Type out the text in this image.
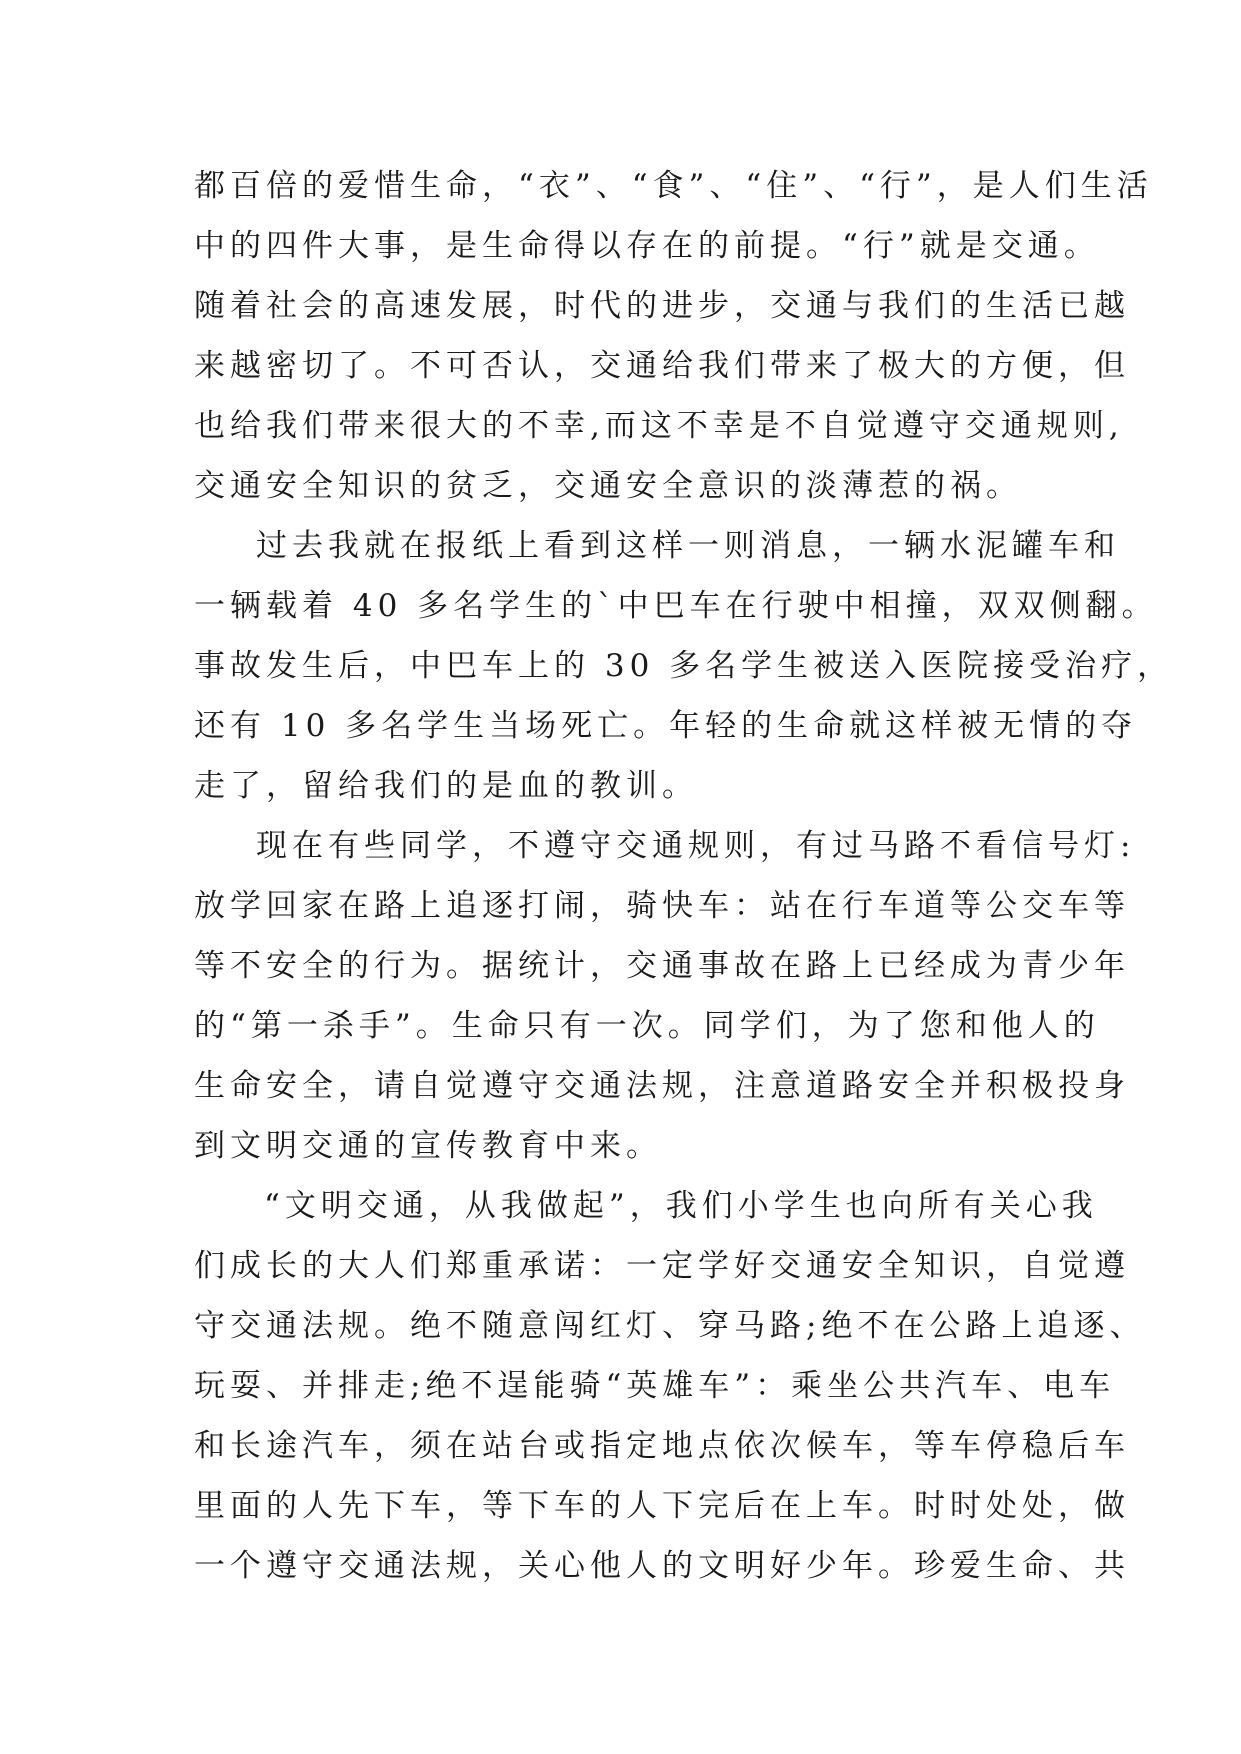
都百倍的爱惜生命，“衣”、“食”、“住”、“行”，是人们生活
中的四件大事，是生命得以存在的前提。“行”就是交通。
随着社会的高速发展，时代的进步，交通与我们的生活已越
来越密切了。不可否认，交通给我们带来了极大的方便，但
也给我们带来很大的不幸,而这不幸是不自觉遵守交通规则,
交通安全知识的贫乏，交通安全意识的淡薄惹的祸。
过去我就在报纸上看到这样一则消息，一辆水泥罐车和
一辆载着 40 多名学生的`中巴车在行驶中相撞，双双侧翻。
事故发生后，中巴车上的 30 多名学生被送入医院接受治疗，
还有 10 多名学生当场死亡。年轻的生命就这样被无情的夺
走了，留给我们的是血的教训。
现在有些同学，不遵守交通规则，有过马路不看信号灯:
放学回家在路上追逐打闹，骑快车：站在行车道等公交车等
等不安全的行为。据统计，交通事故在路上已经成为青少年
的“第一杀手”。生命只有一次。同学们，为了您和他人的
生命安全，请自觉遵守交通法规，注意道路安全并积极投身
到文明交通的宣传教育中来。
“文明交通，从我做起”，我们小学生也向所有关心我
们成长的大人们郑重承诺：一定学好交通安全知识，自觉遵
守交通法规。绝不随意闯红灯、穿马路;绝不在公路上追逐、
玩耍、并排走;绝不逞能骑“英雄车”：乘坐公共汽车、电车
和长途汽车，须在站台或指定地点依次候车，等车停稳后车
里面的人先下车，等下车的人下完后在上车。时时处处，做
一个遵守交通法规，关心他人的文明好少年。珍爱生命、共
